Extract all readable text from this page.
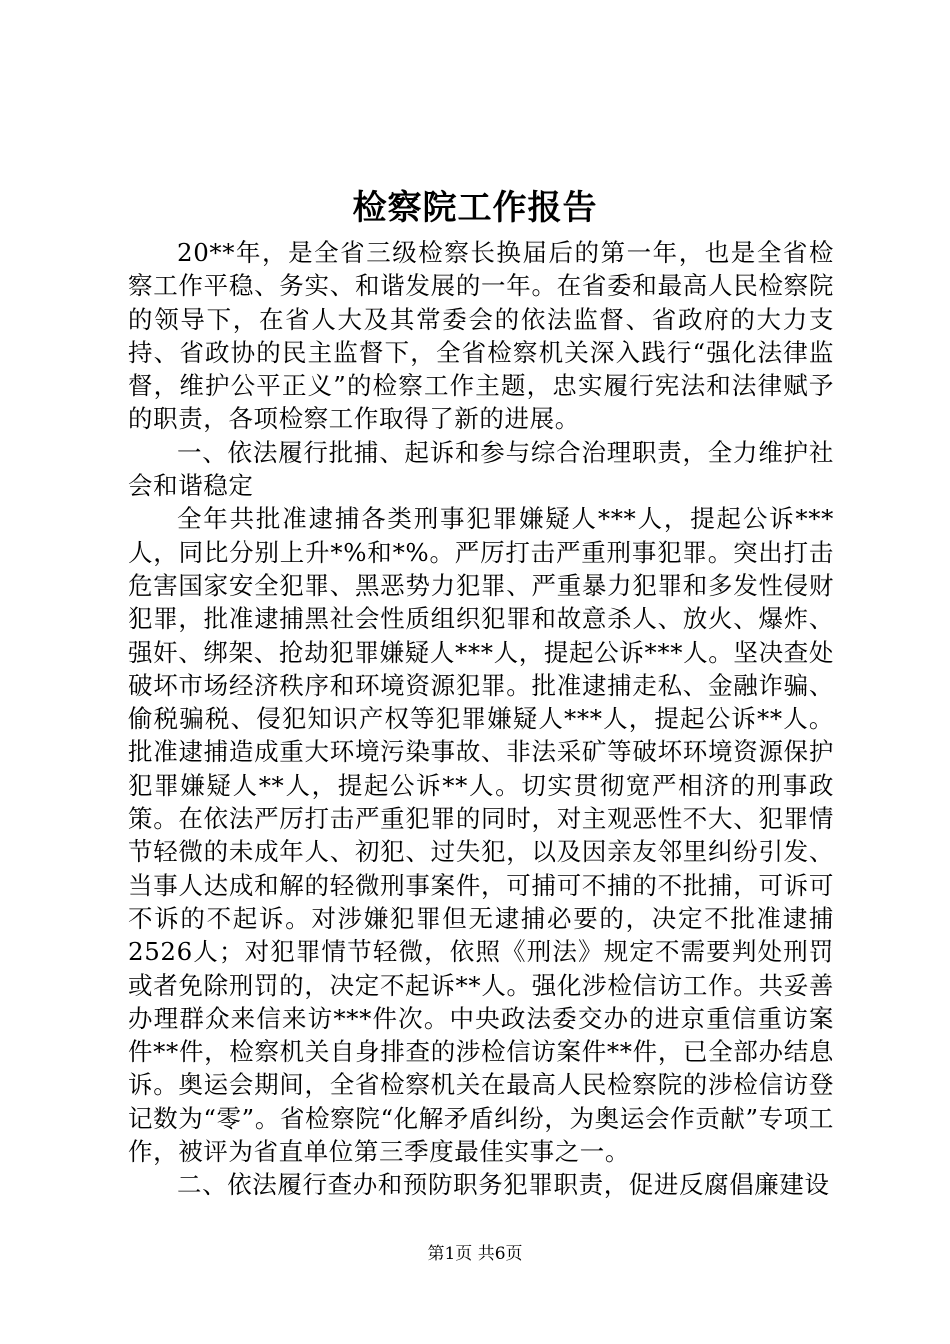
检察院工作报告

20**年，是全省三级检察长换届后的第一年，也是全省检察工作平稳、务实、和谐发展的一年。在省委和最高人民检察院的领导下，在省人大及其常委会的依法监督、省政府的大力支持、省政协的民主监督下，全省检察机关深入践行“强化法律监督，维护公平正义”的检察工作主题，忠实履行宪法和法律赋予的职责，各项检察工作取得了新的进展。

一、依法履行批捕、起诉和参与综合治理职责，全力维护社会和谐稳定

全年共批准逮捕各类刑事犯罪嫌疑人***人，提起公诉***人，同比分别上升*%和*%。严厉打击严重刑事犯罪。突出打击危害国家安全犯罪、黑恶势力犯罪、严重暴力犯罪和多发性侵财犯罪，批准逮捕黑社会性质组织犯罪和故意杀人、放火、爆炸、强奸、绑架、抢劫犯罪嫌疑人***人，提起公诉***人。坚决查处破坏市场经济秩序和环境资源犯罪。批准逮捕走私、金融诈骗、偷税骗税、侵犯知识产权等犯罪嫌疑人***人，提起公诉**人。批准逮捕造成重大环境污染事故、非法采矿等破坏环境资源保护犯罪嫌疑人**人，提起公诉**人。切实贯彻宽严相济的刑事政策。在依法严厉打击严重犯罪的同时，对主观恶性不大、犯罪情节轻微的未成年人、初犯、过失犯，以及因亲友邻里纠纷引发、当事人达成和解的轻微刑事案件，可捕可不捕的不批捕，可诉可不诉的不起诉。对涉嫌犯罪但无逮捕必要的，决定不批准逮捕2526人；对犯罪情节轻微，依照《刑法》规定不需要判处刑罚或者免除刑罚的，决定不起诉**人。强化涉检信访工作。共妥善办理群众来信来访***件次。中央政法委交办的进京重信重访案件**件，检察机关自身排查的涉检信访案件**件，已全部办结息诉。奥运会期间，全省检察机关在最高人民检察院的涉检信访登记数为“零”。省检察院“化解矛盾纠纷，为奥运会作贡献”专项工作，被评为省直单位第三季度最佳实事之一。

二、依法履行查办和预防职务犯罪职责，促进反腐倡廉建设

第1页 共6页
